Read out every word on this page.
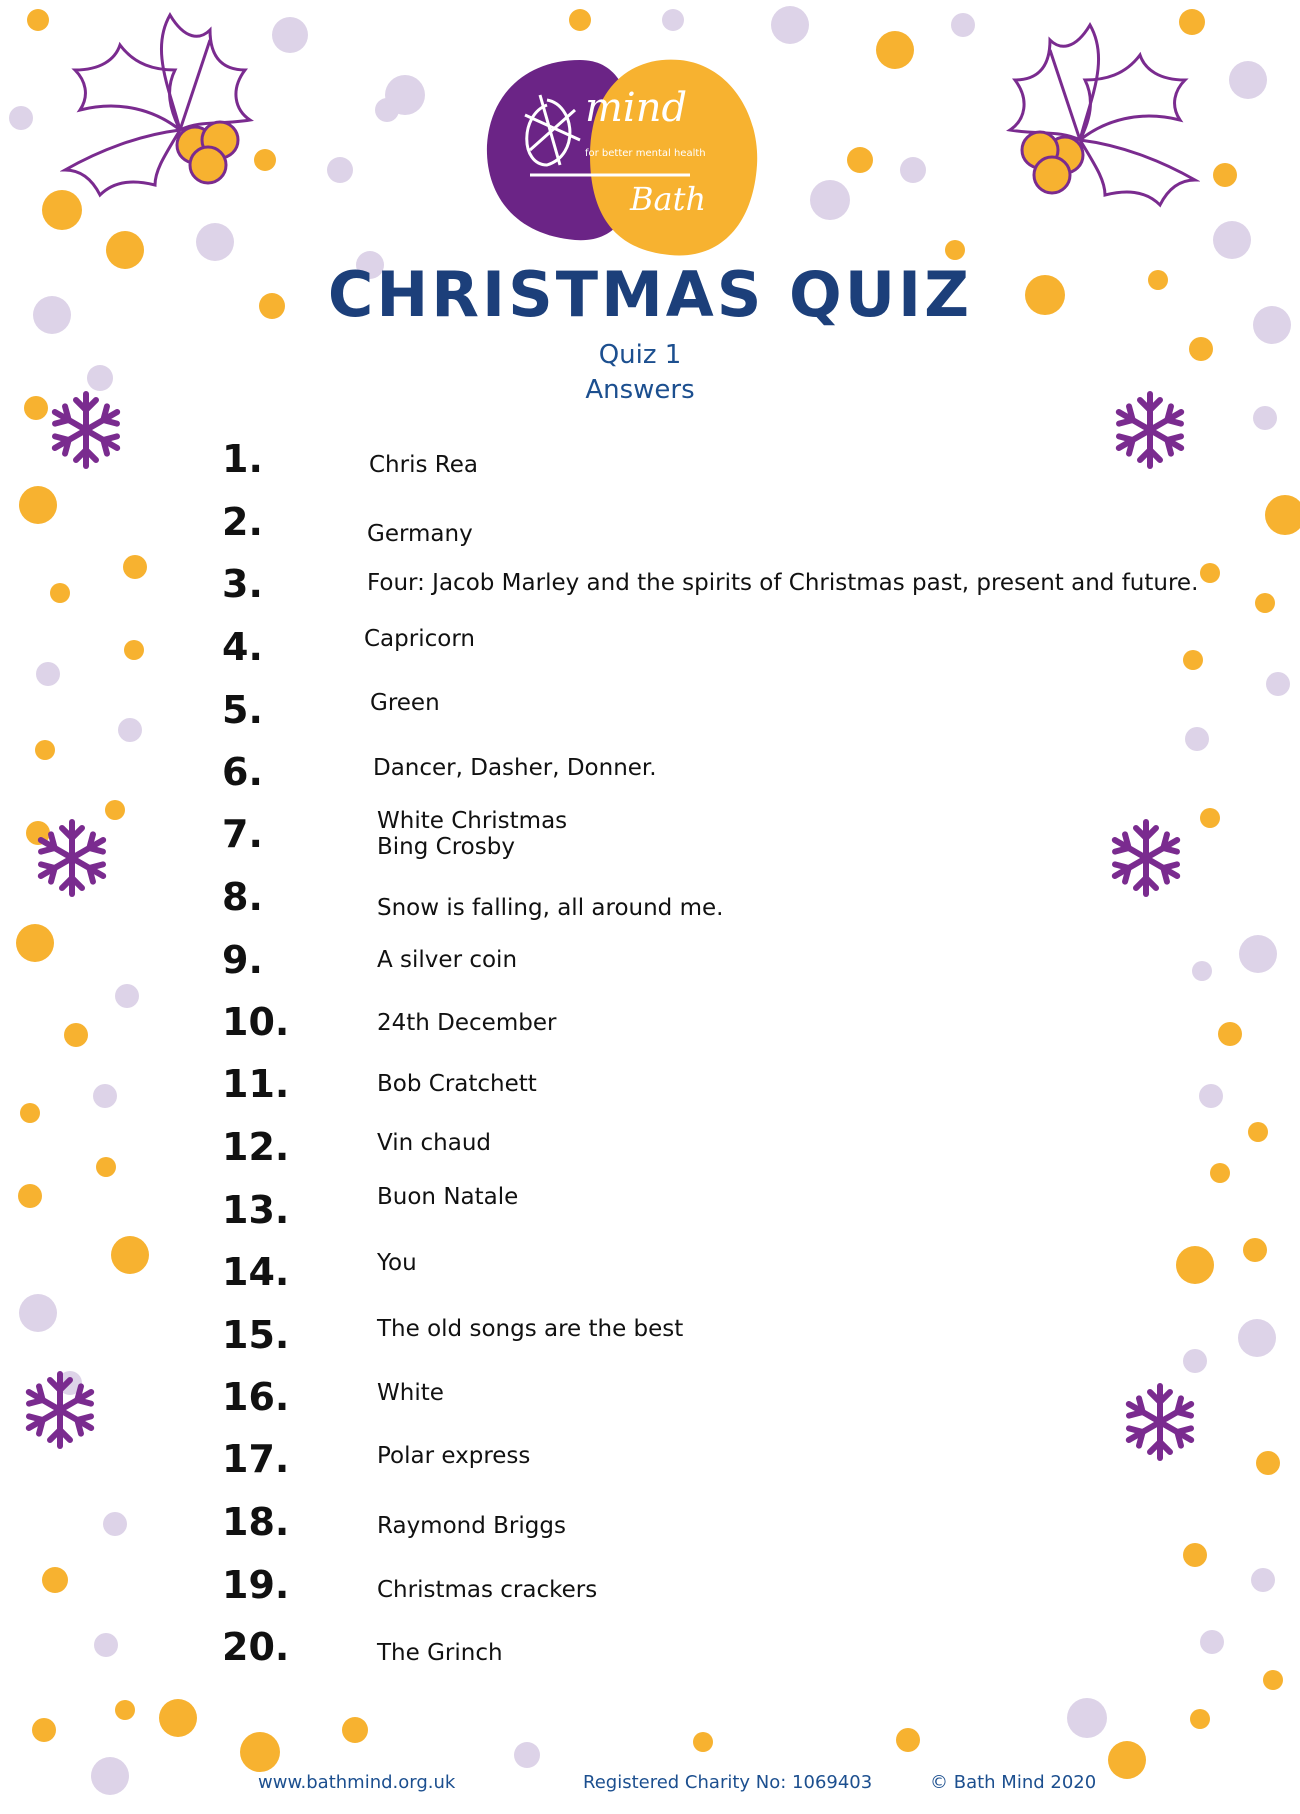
mind
for better mental health
Bath
CHRISTMAS QUIZ
Quiz 1
Answers
1.	Chris Rea
2.	Germany
3.	Four: Jacob Marley and the spirits of Christmas past, present and future.
4.	Capricorn
5.	Green
6.	Dancer, Dasher, Donner.
7.	White Christmas
Bing Crosby
8.	Snow is falling, all around me.
9.	A silver coin
10.	24th December
11.	Bob Cratchett
12.	Vin chaud
13.	Buon Natale
14.	You
15.	The old songs are the best
16.	White
17.	Polar express
18.	Raymond Briggs
19.	Christmas crackers
20.	The Grinch
www.bathmind.org.uk	Registered Charity No: 1069403	© Bath Mind 2020
